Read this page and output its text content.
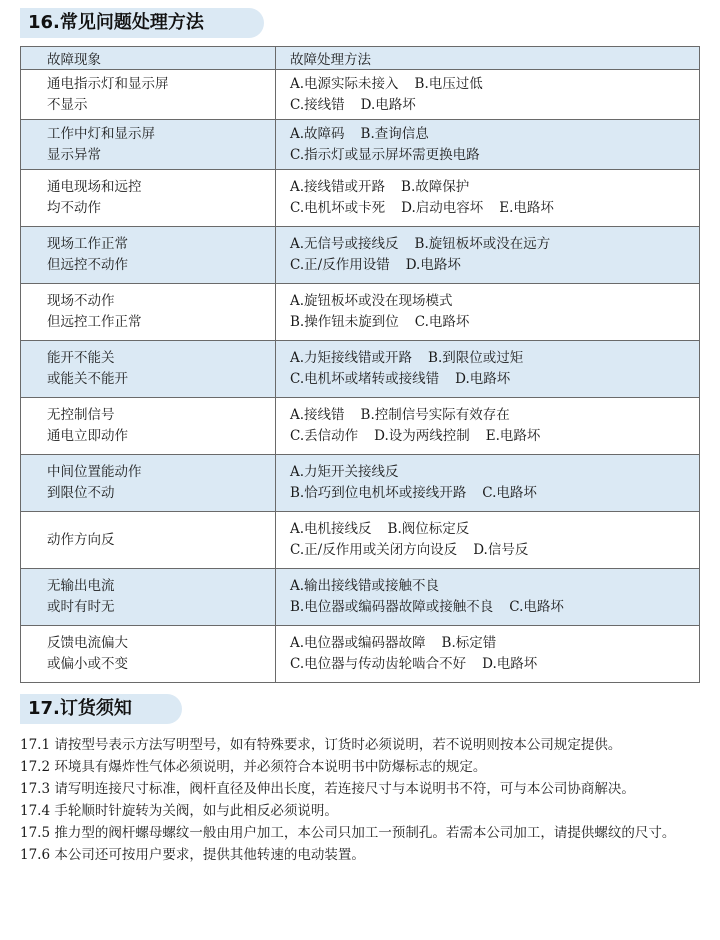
16.常见问题处理方法
故障现象	故障处理方法

通电指示灯和显示屏
不显示	A.电源实际未接入 B.电压过低
C.接线错 D.电路坏

工作中灯和显示屏
显示异常	A.故障码 B.查询信息
C.指示灯或显示屏坏需更换电路

通电现场和远控
均不动作	A.接线错或开路 B.故障保护
C.电机坏或卡死 D.启动电容坏 E.电路坏

现场工作正常
但远控不动作	A.无信号或接线反 B.旋钮板坏或没在远方
C.正/反作用设错 D.电路坏

现场不动作
但远控工作正常	A.旋钮板坏或没在现场模式
B.操作钮未旋到位 C.电路坏

能开不能关
或能关不能开	A.力矩接线错或开路 B.到限位或过矩
C.电机坏或堵转或接线错 D.电路坏

无控制信号
通电立即动作	A.接线错 B.控制信号实际有效存在
C.丢信动作 D.设为两线控制 E.电路坏

中间位置能动作
到限位不动	A.力矩开关接线反
B.恰巧到位电机坏或接线开路 C.电路坏

动作方向反	A.电机接线反 B.阀位标定反
C.正/反作用或关闭方向设反 D.信号反

无输出电流
或时有时无	A.输出接线错或接触不良
B.电位器或编码器故障或接触不良 C.电路坏

反馈电流偏大
或偏小或不变	A.电位器或编码器故障 B.标定错
C.电位器与传动齿轮啮合不好 D.电路坏
17.订货须知

17.1 请按型号表示方法写明型号，如有特殊要求，订货时必须说明，若不说明则按本公司规定提供。

17.2 环境具有爆炸性气体必须说明，并必须符合本说明书中防爆标志的规定。

17.3 请写明连接尺寸标准，阀杆直径及伸出长度，若连接尺寸与本说明书不符，可与本公司协商解决。

17.4 手轮顺时针旋转为关阀，如与此相反必须说明。

17.5 推力型的阀杆螺母螺纹一般由用户加工，本公司只加工一预制孔。若需本公司加工，请提供螺纹的尺寸。

17.6 本公司还可按用户要求，提供其他转速的电动装置。
